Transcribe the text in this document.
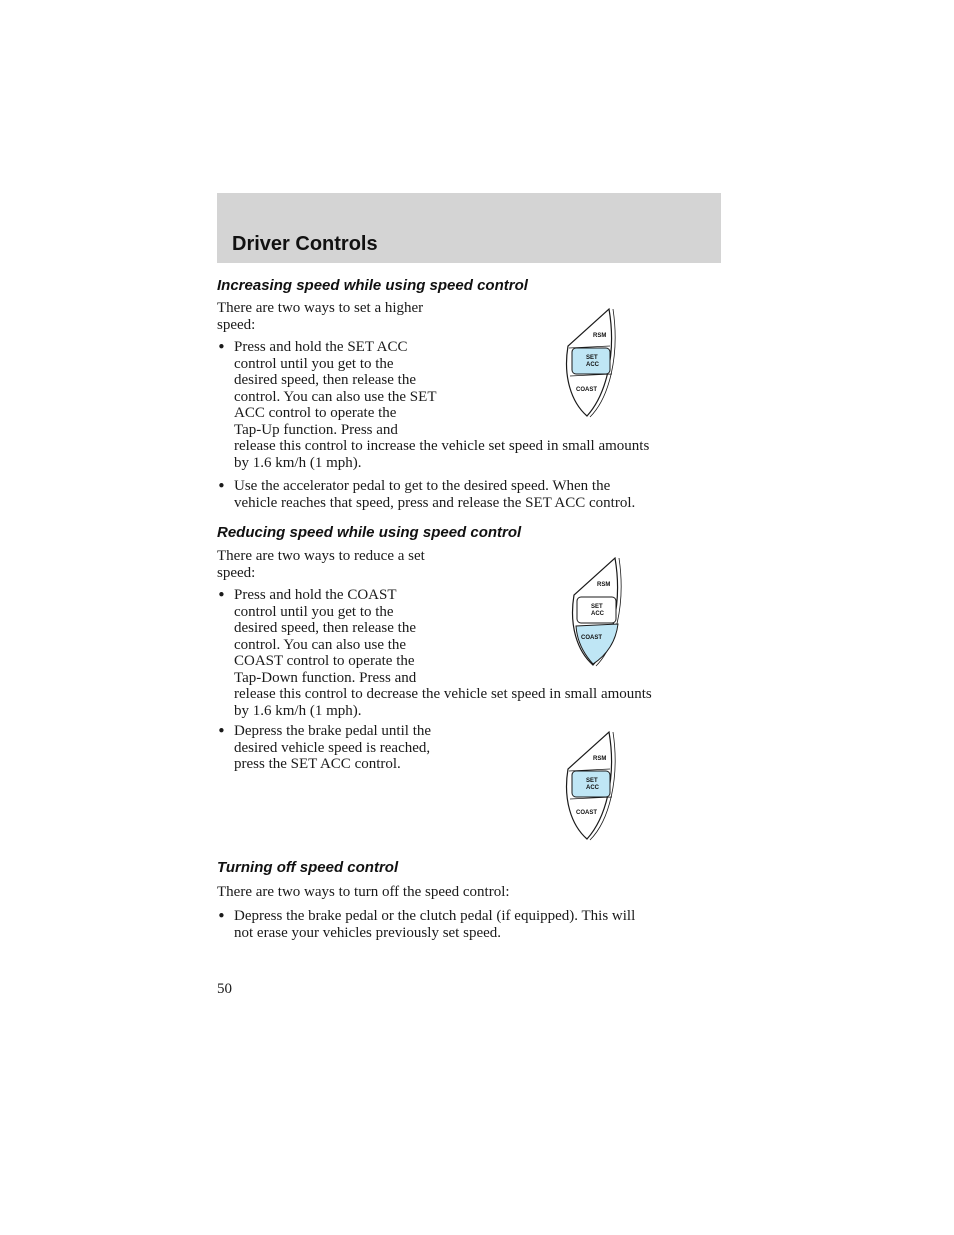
Driver Controls
Increasing speed while using speed control
There are two ways to set a higher
speed:
• Press and hold the SET ACC
control until you get to the
desired speed, then release the
control. You can also use the SET
ACC control to operate the
Tap-Up function. Press and
release this control to increase the vehicle set speed in small amounts
by 1.6 km/h (1 mph).
• Use the accelerator pedal to get to the desired speed. When the
vehicle reaches that speed, press and release the SET ACC control.
Reducing speed while using speed control
There are two ways to reduce a set
speed:
• Press and hold the COAST
control until you get to the
desired speed, then release the
control. You can also use the
COAST control to operate the
Tap-Down function. Press and
release this control to decrease the vehicle set speed in small amounts
by 1.6 km/h (1 mph).
• Depress the brake pedal until the
desired vehicle speed is reached,
press the SET ACC control.
Turning off speed control
There are two ways to turn off the speed control:
• Depress the brake pedal or the clutch pedal (if equipped). This will
not erase your vehicles previously set speed.
RSM
SET
ACC
COAST
RSM
SET
ACC
COAST
RSM
SET
ACC
COAST
50
